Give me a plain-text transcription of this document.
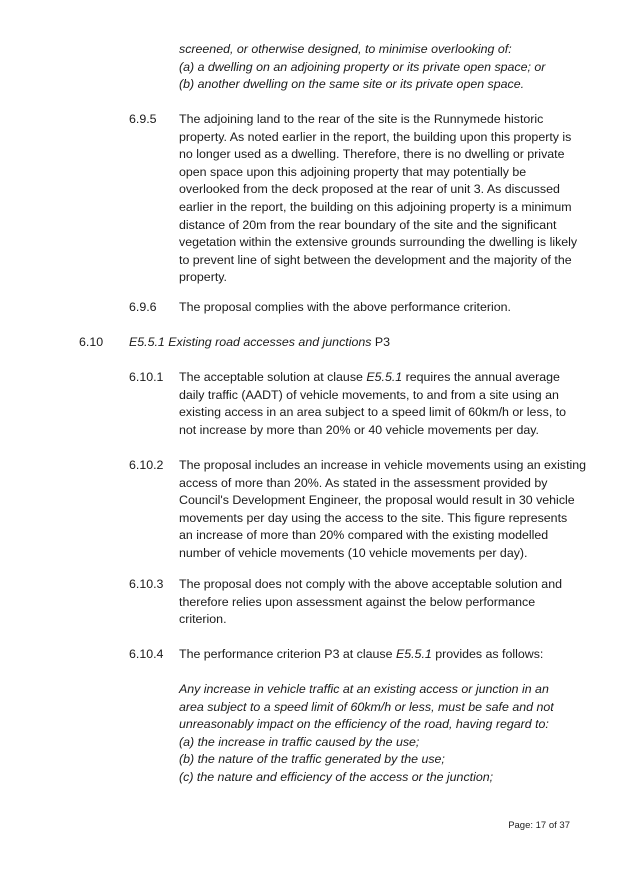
screened, or otherwise designed, to minimise overlooking of:
(a) a dwelling on an adjoining property or its private open space; or
(b) another dwelling on the same site or its private open space.
6.9.5 The adjoining land to the rear of the site is the Runnymede historic
property. As noted earlier in the report, the building upon this property is
no longer used as a dwelling. Therefore, there is no dwelling or private
open space upon this adjoining property that may potentially be
overlooked from the deck proposed at the rear of unit 3. As discussed
earlier in the report, the building on this adjoining property is a minimum
distance of 20m from the rear boundary of the site and the significant
vegetation within the extensive grounds surrounding the dwelling is likely
to prevent line of sight between the development and the majority of the
property.
6.9.6 The proposal complies with the above performance criterion.
6.10 E5.5.1 Existing road accesses and junctions P3
6.10.1 The acceptable solution at clause E5.5.1 requires the annual average
daily traffic (AADT) of vehicle movements, to and from a site using an
existing access in an area subject to a speed limit of 60km/h or less, to
not increase by more than 20% or 40 vehicle movements per day.
6.10.2 The proposal includes an increase in vehicle movements using an existing
access of more than 20%. As stated in the assessment provided by
Council's Development Engineer, the proposal would result in 30 vehicle
movements per day using the access to the site. This figure represents
an increase of more than 20% compared with the existing modelled
number of vehicle movements (10 vehicle movements per day).
6.10.3 The proposal does not comply with the above acceptable solution and
therefore relies upon assessment against the below performance
criterion.
6.10.4 The performance criterion P3 at clause E5.5.1 provides as follows:
Any increase in vehicle traffic at an existing access or junction in an
area subject to a speed limit of 60km/h or less, must be safe and not
unreasonably impact on the efficiency of the road, having regard to:
(a) the increase in traffic caused by the use;
(b) the nature of the traffic generated by the use;
(c) the nature and efficiency of the access or the junction;
Page: 17 of 37
